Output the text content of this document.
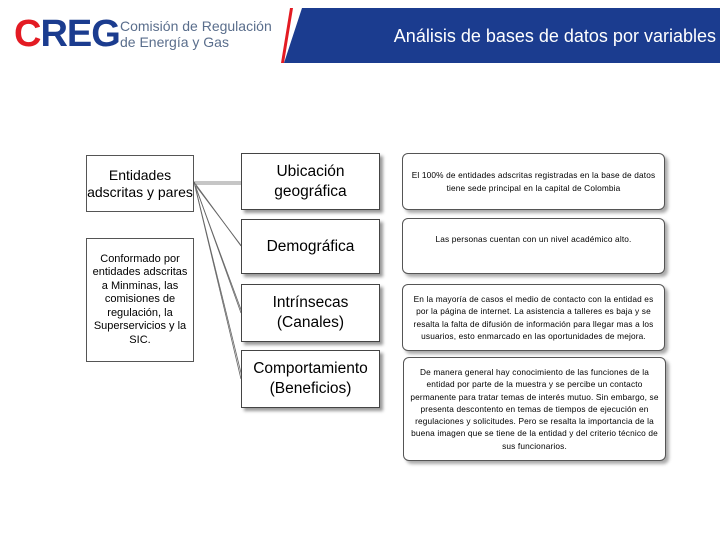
CREG Comisión de Regulación
de Energía y Gas	Análisis de bases de datos por variables
Entidades adscritas y pares
Conformado por entidades adscritas a Minminas, las comisiones de regulación, la Superservicios y la SIC.
Ubicación geográfica
Demográfica
Intrínsecas (Canales)
Comportamiento (Beneficios)
El 100% de entidades adscritas registradas en la base de datos tiene sede principal en la capital de Colombia
Las personas cuentan con un nivel académico alto.
En la mayoría de casos el medio de contacto con la entidad es por la página de internet. La asistencia a talleres es baja y se resalta la falta de difusión de información para llegar mas a los usuarios, esto enmarcado en las oportunidades de mejora.
De manera general hay conocimiento de las funciones de la entidad por parte de la muestra y se percibe un contacto permanente para tratar temas de interés mutuo. Sin embargo, se presenta descontento en temas de tiempos de ejecución en regulaciones y solicitudes. Pero se resalta la importancia de la buena imagen que se tiene de la entidad y del criterio técnico de sus funcionarios.
